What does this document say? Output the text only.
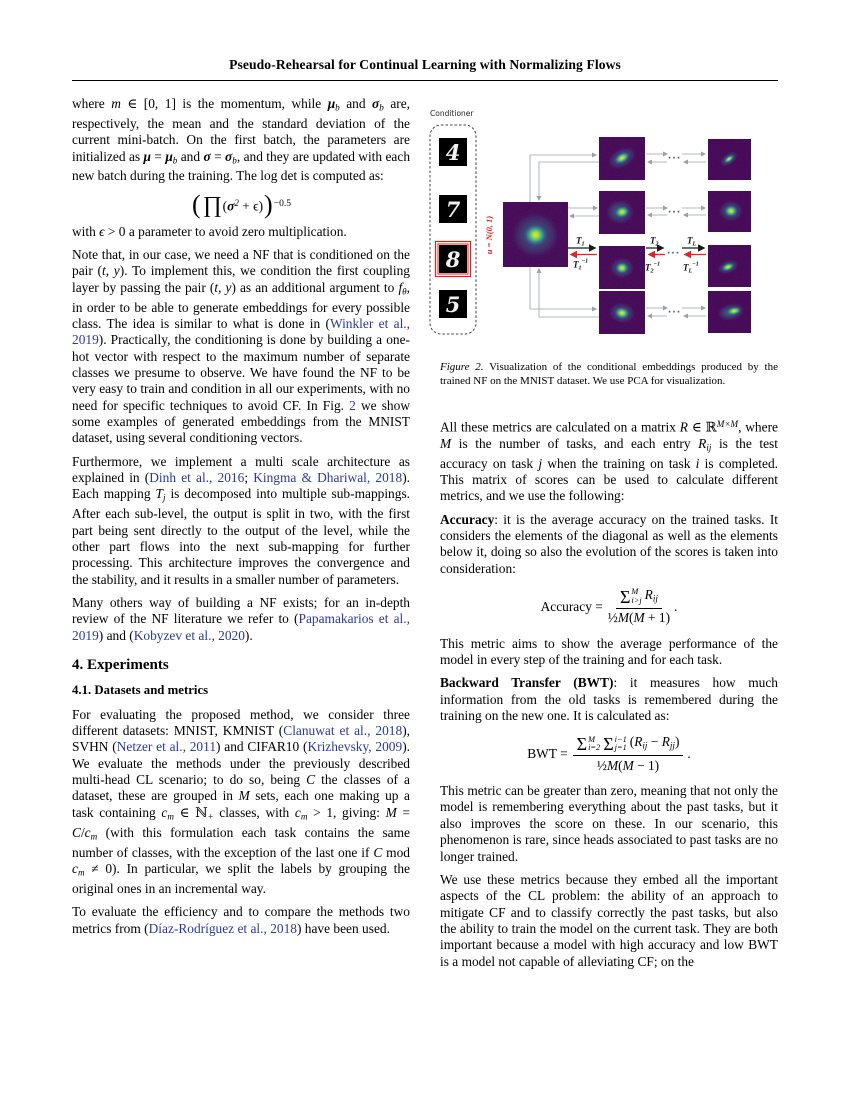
Pseudo-Rehearsal for Continual Learning with Normalizing Flows

where m ∈ [0, 1] is the momentum, while μb and σb are, respectively, the mean and the standard deviation of the current mini-batch. On the first batch, the parameters are initialized as μ = μb and σ = σb, and they are updated with each new batch during the training. The log det is computed as:

( ∏ $(\sigma^2 + \epsilon)$ ) −0.5

with ϵ > 0 a parameter to avoid zero multiplication.

Note that, in our case, we need a NF that is conditioned on the pair (t, y). To implement this, we condition the first coupling layer by passing the pair (t, y) as an additional argument to fθ, in order to be able to generate embeddings for every possible class. The idea is similar to what is done in (Winkler et al., 2019). Practically, the conditioning is done by building a one-hot vector with respect to the maximum number of separate classes we presume to observe. We have found the NF to be very easy to train and condition in all our experiments, with no need for specific techniques to avoid CF. In Fig. 2 we show some examples of generated embeddings from the MNIST dataset, using several conditioning vectors.

Furthermore, we implement a multi scale architecture as explained in (Dinh et al., 2016; Kingma & Dhariwal, 2018). Each mapping Tj is decomposed into multiple sub-mappings. After each sub-level, the output is split in two, with the first part being sent directly to the output of the level, while the other part flows into the next sub-mapping for further processing. This architecture improves the convergence and the stability, and it results in a smaller number of parameters.

Many others way of building a NF exists; for an in-depth review of the NF literature we refer to (Papamakarios et al., 2019) and (Kobyzev et al., 2020).

4. Experiments
4.1. Datasets and metrics

For evaluating the proposed method, we consider three different datasets: MNIST, KMNIST (Clanuwat et al., 2018), SVHN (Netzer et al., 2011) and CIFAR10 (Krizhevsky, 2009). We evaluate the methods under the previously described multi-head CL scenario; to do so, being C the classes of a dataset, these are grouped in M sets, each one making up a task containing cm ∈ ℕ+ classes, with cm > 1, giving: M = C/cm (with this formulation each task contains the same number of classes, with the exception of the last one if C mod cm ≠ 0). In particular, we split the labels by grouping the original ones in an incremental way.

To evaluate the efficiency and to compare the methods two metrics from (Díaz-Rodríguez et al., 2018) have been used.

Conditioner
4
7
8
5
u = N(0, 1)
···
···
···
$T_1$
$T_1^{-1}$
$T_2$
$T_2^{-1}$
···
$T_L$
$T_L^{-1}$
Figure 2. Visualization of the conditional embeddings produced by the trained NF on the MNIST dataset. We use PCA for visualization.

All these metrics are calculated on a matrix R ∈ ℝ$^{M\times M}$, where M is the number of tasks, and each entry Rij is the test accuracy on task j when the training on task i is completed. This matrix of scores can be used to calculate different metrics, and we use the following:

Accuracy: it is the average accuracy on the trained tasks. It considers the elements of the diagonal as well as the elements below it, doing so also the evolution of the scores is taken into consideration:

Accuracy = Σ M
i>j Rij
½M(M + 1) .

This metric aims to show the average performance of the model in every step of the training and for each task.

Backward Transfer (BWT): it measures how much information from the old tasks is remembered during the training on the new one. It is calculated as:

BWT = Σ M
i=2 Σ i−1
j=1 (Rij − Rjj)
½M(M − 1)
.

This metric can be greater than zero, meaning that not only the model is remembering everything about the past tasks, but it also improves the score on these. In our scenario, this phenomenon is rare, since heads associated to past tasks are no longer trained.

We use these metrics because they embed all the important aspects of the CL problem: the ability of an approach to mitigate CF and to classify correctly the past tasks, but also the ability to train the model on the current task. They are both important because a model with high accuracy and low BWT is a model not capable of alleviating CF; on the
